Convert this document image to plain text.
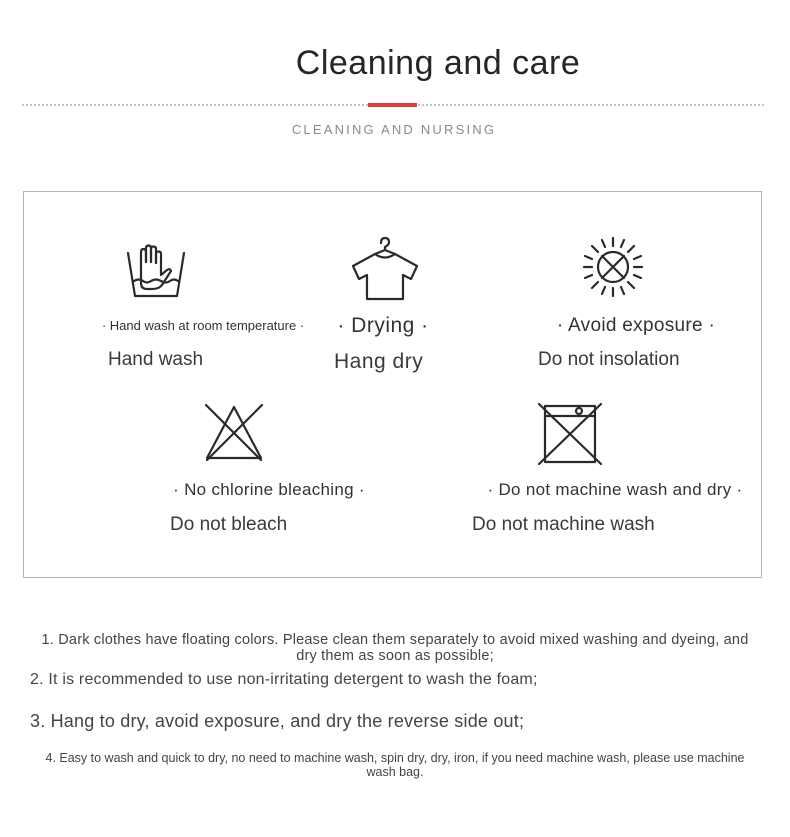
Cleaning and care
CLEANING AND NURSING
· Hand wash at room temperature ·
Hand wash
· Drying ·
Hang dry
· Avoid exposure ·
Do not insolation
· No chlorine bleaching ·
Do not bleach
· Do not machine wash and dry ·
Do not machine wash
1. Dark clothes have floating colors. Please clean them separately to avoid mixed washing and dyeing, and
dry them as soon as possible;
2. It is recommended to use non-irritating detergent to wash the foam;
3. Hang to dry, avoid exposure, and dry the reverse side out;
4. Easy to wash and quick to dry, no need to machine wash, spin dry, dry, iron, if you need machine wash, please use machine
wash bag.
